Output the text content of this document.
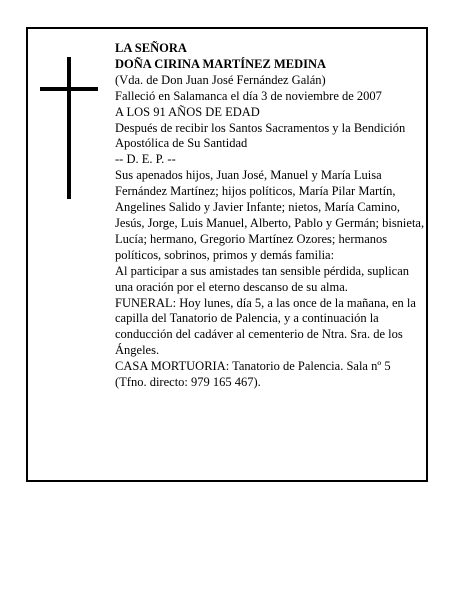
LA SEÑORA

DOÑA CIRINA MARTÍNEZ MEDINA

(Vda. de Don Juan José Fernández Galán)

Falleció en Salamanca el día 3 de noviembre de 2007

A LOS 91 AÑOS DE EDAD

Después de recibir los Santos Sacramentos y la Bendición Apostólica de Su Santidad

-- D. E. P. --

Sus apenados hijos, Juan José, Manuel y María Luisa Fernández Martínez; hijos políticos, María Pilar Martín, Angelines Salido y Javier Infante; nietos, María Camino, Jesús, Jorge, Luis Manuel, Alberto, Pablo y Germán; bisnieta, Lucía; hermano, Gregorio Martínez Ozores; hermanos políticos, sobrinos, primos y demás familia:

Al participar a sus amistades tan sensible pérdida, suplican una oración por el eterno descanso de su alma.

FUNERAL: Hoy lunes, día 5, a las once de la mañana, en la capilla del Tanatorio de Palencia, y a continuación la conducción del cadáver al cementerio de Ntra. Sra. de los Ángeles.

CASA MORTUORIA: Tanatorio de Palencia. Sala nº 5 (Tfno. directo: 979 165 467).
